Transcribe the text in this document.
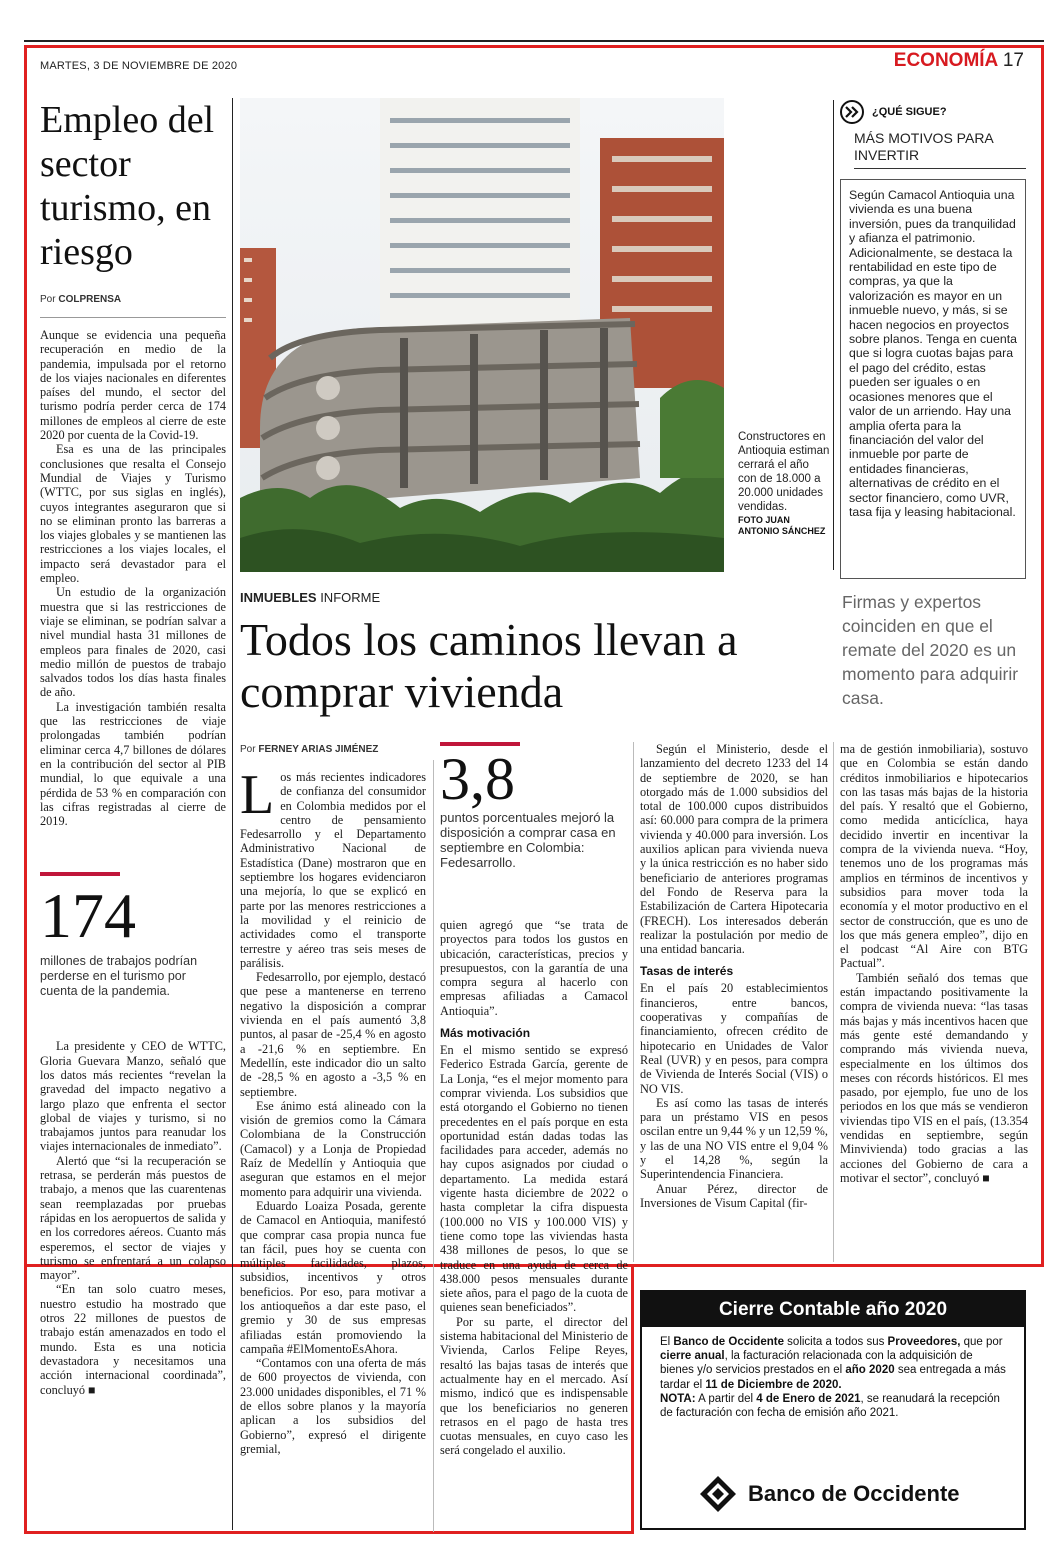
MARTES, 3 DE NOVIEMBRE DE 2020	ECONOMÍA 17
Empleo del sector turismo, en riesgo
Por COLPRENSA

Aunque se evidencia una pequeña recuperación en medio de la pandemia, impulsada por el retorno de los viajes nacionales en diferentes países del mundo, el sector del turismo podría perder cerca de 174 millones de empleos al cierre de este 2020 por cuenta de la Covid-19.

Esa es una de las principales conclusiones que resalta el Consejo Mundial de Viajes y Turismo (WTTC, por sus siglas en inglés), cuyos integrantes aseguraron que si no se eliminan pronto las barreras a los viajes globales y se mantienen las restricciones a los viajes locales, el impacto será devastador para el empleo.

Un estudio de la organización muestra que si las restricciones de viaje se eliminan, se podrían salvar a nivel mundial hasta 31 millones de empleos para finales de 2020, casi medio millón de puestos de trabajo salvados todos los días hasta finales de año.

La investigación también resalta que las restricciones de viaje prolongadas también podrían eliminar cerca 4,7 billones de dólares en la contribución del sector al PIB mundial, lo que equivale a una pérdida de 53 % en comparación con las cifras registradas al cierre de 2019.

174
millones de trabajos podrían perderse en el turismo por cuenta de la pandemia.

La presidente y CEO de WTTC, Gloria Guevara Manzo, señaló que los datos más recientes “revelan la gravedad del impacto negativo a largo plazo que enfrenta el sector global de viajes y turismo, si no trabajamos juntos para reanudar los viajes internacionales de inmediato”.

Alertó que “si la recuperación se retrasa, se perderán más puestos de trabajo, a menos que las cuarentenas sean reemplazadas por pruebas rápidas en los aeropuertos de salida y en los corredores aéreos. Cuanto más esperemos, el sector de viajes y turismo se enfrentará a un colapso mayor”.

“En tan solo cuatro meses, nuestro estudio ha mostrado que otros 22 millones de puestos de trabajo están amenazados en todo el mundo. Esta es una noticia devastadora y necesitamos una acción internacional coordinada”, concluyó ■

Constructores en Antioquia estiman cerrará el año con de 18.000 a 20.000 unidades vendidas.
FOTO JUAN ANTONIO SÁNCHEZ
¿QUÉ SIGUE?
MÁS MOTIVOS PARA INVERTIR

Según Camacol Antioquia una vivienda es una buena inversión, pues da tranquilidad y afianza el patrimonio. Adicionalmente, se destaca la rentabilidad en este tipo de compras, ya que la valorización es mayor en un inmueble nuevo, y más, si se hacen negocios en proyectos sobre planos. Tenga en cuenta que si logra cuotas bajas para el pago del crédito, estas pueden ser iguales o en ocasiones menores que el valor de un arriendo. Hay una amplia oferta para la financiación del valor del inmueble por parte de entidades financieras, alternativas de crédito en el sector financiero, como UVR, tasa fija y leasing habitacional.

Firmas y expertos coinciden en que el remate del 2020 es un momento para adquirir casa.
INMUEBLES INFORME
Todos los caminos llevan a comprar vivienda
Por FERNEY ARIAS JIMÉNEZ

Los más recientes indicadores de confianza del consumidor en Colombia medidos por el centro de pensamiento Fedesarrollo y el Departamento Administrativo Nacional de Estadística (Dane) mostraron que en septiembre los hogares evidenciaron una mejoría, lo que se explicó en parte por las menores restricciones a la movilidad y el reinicio de actividades como el transporte terrestre y aéreo tras seis meses de parálisis.

Fedesarrollo, por ejemplo, destacó que pese a mantenerse en terreno negativo la disposición a comprar vivienda en el país aumentó 3,8 puntos, al pasar de -25,4 % en agosto a -21,6 % en septiembre. En Medellín, este indicador dio un salto de -28,5 % en agosto a -3,5 % en septiembre.

Ese ánimo está alineado con la visión de gremios como la Cámara Colombiana de la Construcción (Camacol) y a Lonja de Propiedad Raíz de Medellín y Antioquia que aseguran que estamos en el mejor momento para adquirir una vivienda.

Eduardo Loaiza Posada, gerente de Camacol en Antioquia, manifestó que comprar casa propia nunca fue tan fácil, pues hoy se cuenta con múltiples facilidades, plazos, subsidios, incentivos y otros beneficios. Por eso, para motivar a los antioqueños a dar este paso, el gremio y 30 de sus empresas afiliadas están promoviendo la campaña #ElMomentoEsAhora.

“Contamos con una oferta de más de 600 proyectos de vivienda, con 23.000 unidades disponibles, el 71 % de ellos sobre planos y la mayoría aplican a los subsidios del Gobierno”, expresó el dirigente gremial,

3,8
puntos porcentuales mejoró la disposición a comprar casa en septiembre en Colombia: Fedesarrollo.

quien agregó que “se trata de proyectos para todos los gustos en ubicación, características, precios y presupuestos, con la garantía de una compra segura al hacerlo con empresas afiliadas a Camacol Antioquia”.

Más motivación

En el mismo sentido se expresó Federico Estrada García, gerente de La Lonja, “es el mejor momento para comprar vivienda. Los subsidios que está otorgando el Gobierno no tienen precedentes en el país porque en esta oportunidad están dadas todas las facilidades para acceder, además no hay cupos asignados por ciudad o departamento. La medida estará vigente hasta diciembre de 2022 o hasta completar la cifra dispuesta (100.000 no VIS y 100.000 VIS) y tiene como tope las viviendas hasta 438 millones de pesos, lo que se traduce en una ayuda de cerca de 438.000 pesos mensuales durante siete años, para el pago de la cuota de quienes sean beneficiados”.

Por su parte, el director del sistema habitacional del Ministerio de Vivienda, Carlos Felipe Reyes, resaltó las bajas tasas de interés que actualmente hay en el mercado. Así mismo, indicó que es indispensable que los beneficiarios no generen retrasos en el pago de hasta tres cuotas mensuales, en cuyo caso les será congelado el auxilio.

Según el Ministerio, desde el lanzamiento del decreto 1233 del 14 de septiembre de 2020, se han otorgado más de 1.000 subsidios del total de 100.000 cupos distribuidos así: 60.000 para compra de la primera vivienda y 40.000 para inversión. Los auxilios aplican para vivienda nueva y la única restricción es no haber sido beneficiario de anteriores programas del Fondo de Reserva para la Estabilización de Cartera Hipotecaria (FRECH). Los interesados deberán realizar la postulación por medio de una entidad bancaria.

Tasas de interés

En el país 20 establecimientos financieros, entre bancos, cooperativas y compañías de financiamiento, ofrecen crédito de hipotecario en Unidades de Valor Real (UVR) y en pesos, para compra de Vivienda de Interés Social (VIS) o NO VIS.

Es así como las tasas de interés para un préstamo VIS en pesos oscilan entre un 9,44 % y un 12,59 %, y las de una NO VIS entre el 9,04 % y el 14,28 %, según la Superintendencia Financiera.

Anuar Pérez, director de Inversiones de Visum Capital (fir-

ma de gestión inmobiliaria), sostuvo que en Colombia se están dando créditos inmobiliarios e hipotecarios con las tasas más bajas de la historia del país. Y resaltó que el Gobierno, como medida anticíclica, haya decidido invertir en incentivar la compra de la vivienda nueva. “Hoy, tenemos uno de los programas más amplios en términos de incentivos y subsidios para mover toda la economía y el motor productivo en el sector de construcción, que es uno de los que más genera empleo”, dijo en el podcast “Al Aire con BTG Pactual”.

También señaló dos temas que están impactando positivamente la compra de vivienda nueva: “las tasas más bajas y más incentivos hacen que más gente esté demandando y comprando más vivienda nueva, especialmente en los últimos dos meses con récords históricos. El mes pasado, por ejemplo, fue uno de los periodos en los que más se vendieron viviendas tipo VIS en el país, (13.354 vendidas en septiembre, según Minvivienda) todo gracias a las acciones del Gobierno de cara a motivar el sector”, concluyó ■

Cierre Contable año 2020

El Banco de Occidente solicita a todos sus Proveedores, que por cierre anual, la facturación relacionada con la adquisición de bienes y/o servicios prestados en el año 2020 sea entregada a más tardar el 11 de Diciembre de 2020.

NOTA: A partir del 4 de Enero de 2021, se reanudará la recepción de facturación con fecha de emisión año 2021.

Banco de Occidente
